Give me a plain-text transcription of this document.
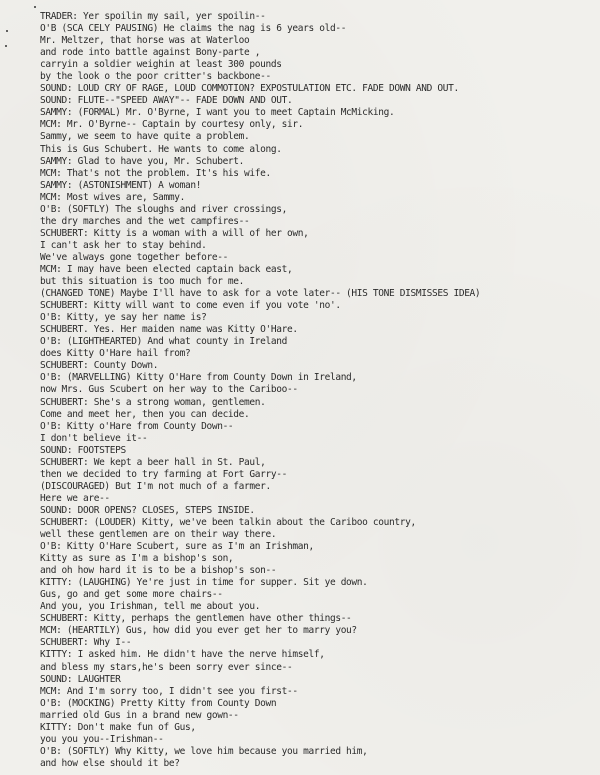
TRADER: Yer spoilin my sail, yer spoilin--
O'B (SCA CELY PAUSING) He claims the nag is 6 years old--
Mr. Meltzer, that horse was at Waterloo
and rode into battle against Bony-parte ,
carryin a soldier weighin at least 300 pounds
by the look o the poor critter's backbone--
SOUND: LOUD CRY OF RAGE, LOUD COMMOTION? EXPOSTULATION ETC. FADE DOWN AND OUT.
SOUND: FLUTE--"SPEED AWAY"-- FADE DOWN AND OUT.
SAMMY: (FORMAL) Mr. O'Byrne, I want you to meet Captain McMicking.
MCM: Mr. O'Byrne-- Captain by courtesy only, sir.
Sammy, we seem to have quite a problem.
This is Gus Schubert. He wants to come along.
SAMMY: Glad to have you, Mr. Schubert.
MCM: That's not the problem. It's his wife.
SAMMY: (ASTONISHMENT) A woman!
MCM: Most wives are, Sammy.
O'B: (SOFTLY) The sloughs and river crossings,
the dry marches and the wet campfires--
SCHUBERT: Kitty is a woman with a will of her own,
I can't ask her to stay behind.
We've always gone together before--
MCM: I may have been elected captain back east,
but this situation is too much for me.
(CHANGED TONE) Maybe I'll have to ask for a vote later-- (HIS TONE DISMISSES IDEA)
SCHUBERT: Kitty will want to come even if you vote 'no'.
O'B: Kitty, ye say her name is?
SCHUBERT. Yes. Her maiden name was Kitty O'Hare.
O'B: (LIGHTHEARTED) And what county in Ireland
does Kitty O'Hare hail from?
SCHUBERT: County Down.
O'B: (MARVELLING) Kitty O'Hare from County Down in Ireland,
now Mrs. Gus Scubert on her way to the Cariboo--
SCHUBERT: She's a strong woman, gentlemen.
Come and meet her, then you can decide.
O'B: Kitty o'Hare from County Down--
I don't believe it--
SOUND: FOOTSTEPS
SCHUBERT: We kept a beer hall in St. Paul,
then we decided to try farming at Fort Garry--
(DISCOURAGED) But I'm not much of a farmer.
Here we are--
SOUND: DOOR OPENS? CLOSES, STEPS INSIDE.
SCHUBERT: (LOUDER) Kitty, we've been talkin about the Cariboo country,
well these gentlemen are on their way there.
O'B: Kitty O'Hare Scubert, sure as I'm an Irishman,
Kitty as sure as I'm a bishop's son,
and oh how hard it is to be a bishop's son--
KITTY: (LAUGHING) Ye're just in time for supper. Sit ye down.
Gus, go and get some more chairs--
And you, you Irishman, tell me about you.
SCHUBERT: Kitty, perhaps the gentlemen have other things--
MCM: (HEARTILY) Gus, how did you ever get her to marry you?
SCHUBERT: Why I--
KITTY: I asked him. He didn't have the nerve himself,
and bless my stars,he's been sorry ever since--
SOUND: LAUGHTER
MCM: And I'm sorry too, I didn't see you first--
O'B: (MOCKING) Pretty Kitty from County Down
married old Gus in a brand new gown--
KITTY: Don't make fun of Gus,
you you you--Irishman--
O'B: (SOFTLY) Why Kitty, we love him because you married him,
and how else should it be?
